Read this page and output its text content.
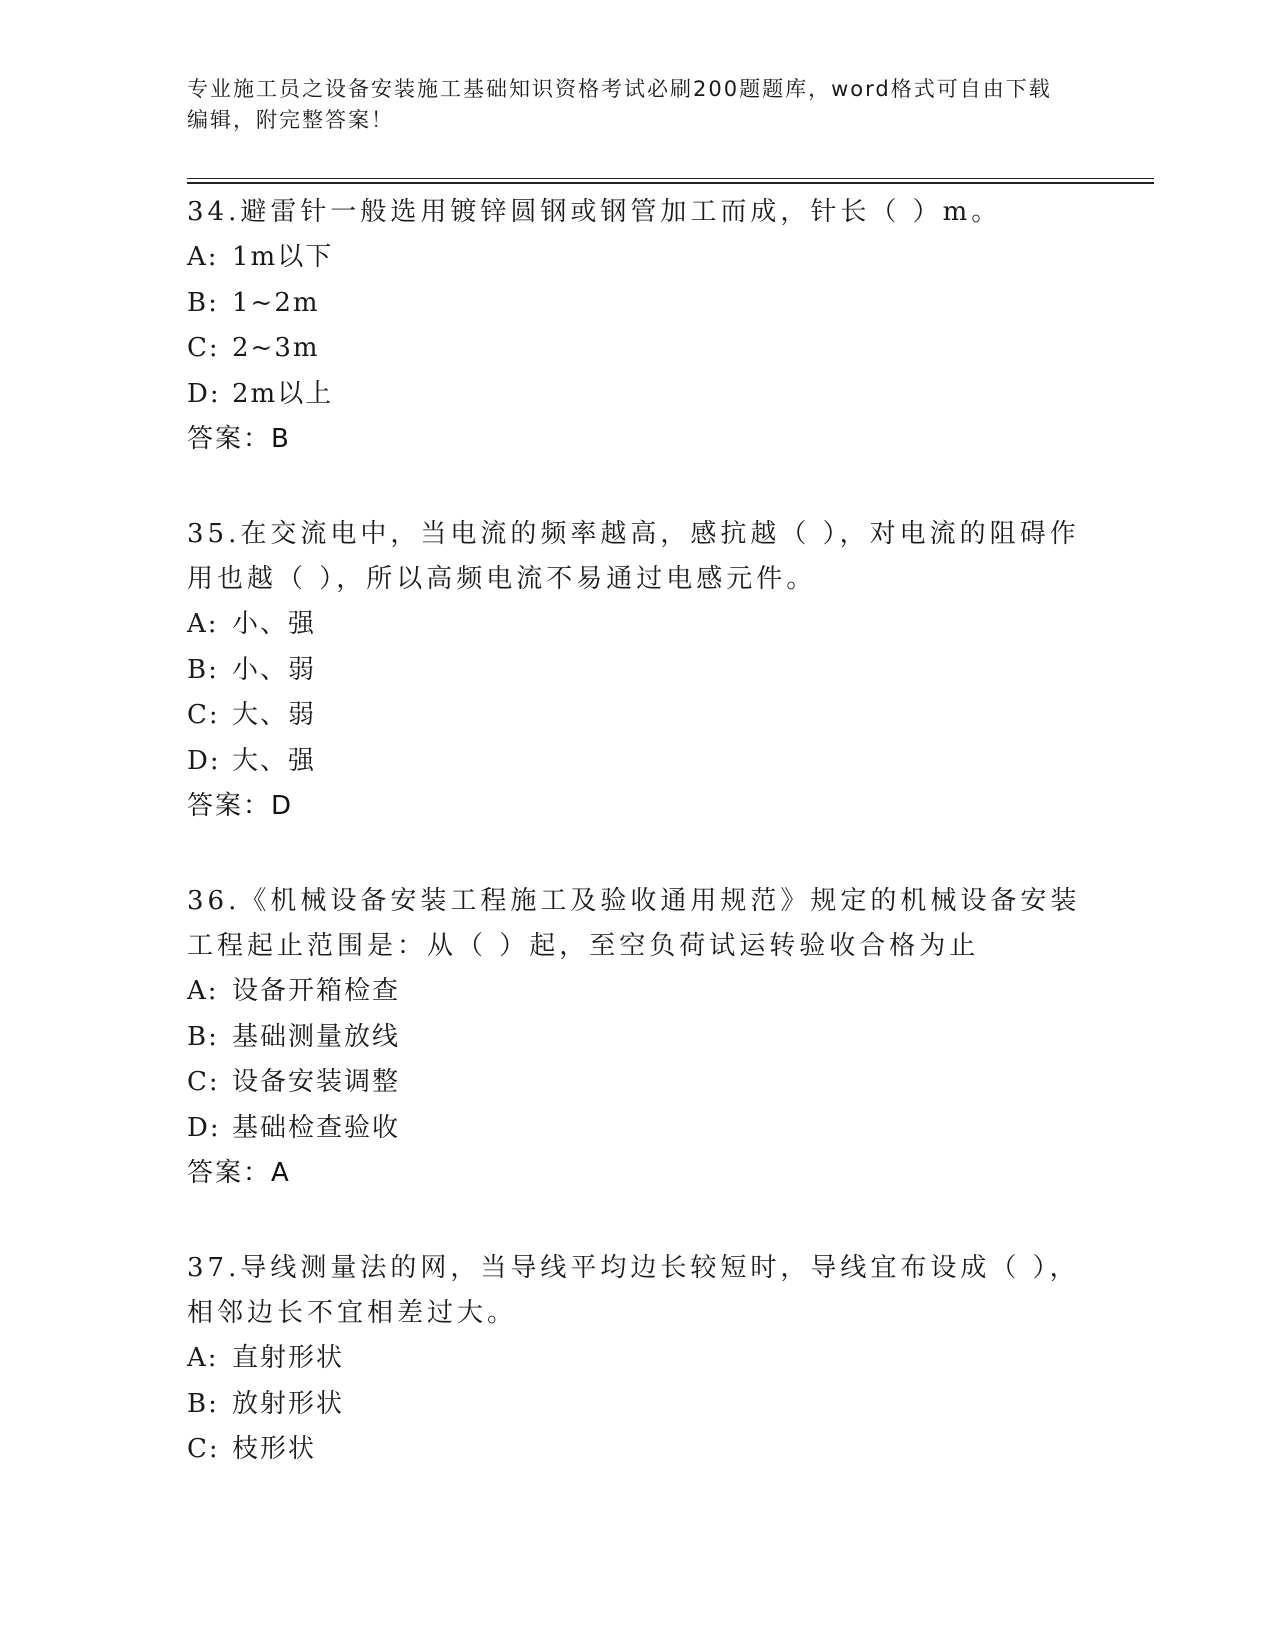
专业施工员之设备安装施工基础知识资格考试必刷200题题库，word格式可自由下载编辑，附完整答案！

34.避雷针一般选用镀锌圆钢或钢管加工而成，针长（ ）m。

A: 1m以下

B: 1~2m

C: 2~3m

D: 2m以上

答案：B

35.在交流电中，当电流的频率越高，感抗越（ ），对电流的阻碍作用也越（ ），所以高频电流不易通过电感元件。

A: 小、强

B: 小、弱

C: 大、弱

D: 大、强

答案：D

36.《机械设备安装工程施工及验收通用规范》规定的机械设备安装工程起止范围是：从（ ）起，至空负荷试运转验收合格为止

A: 设备开箱检查

B: 基础测量放线

C: 设备安装调整

D: 基础检查验收

答案：A

37.导线测量法的网，当导线平均边长较短时，导线宜布设成（ ），相邻边长不宜相差过大。

A: 直射形状

B: 放射形状

C: 枝形状
